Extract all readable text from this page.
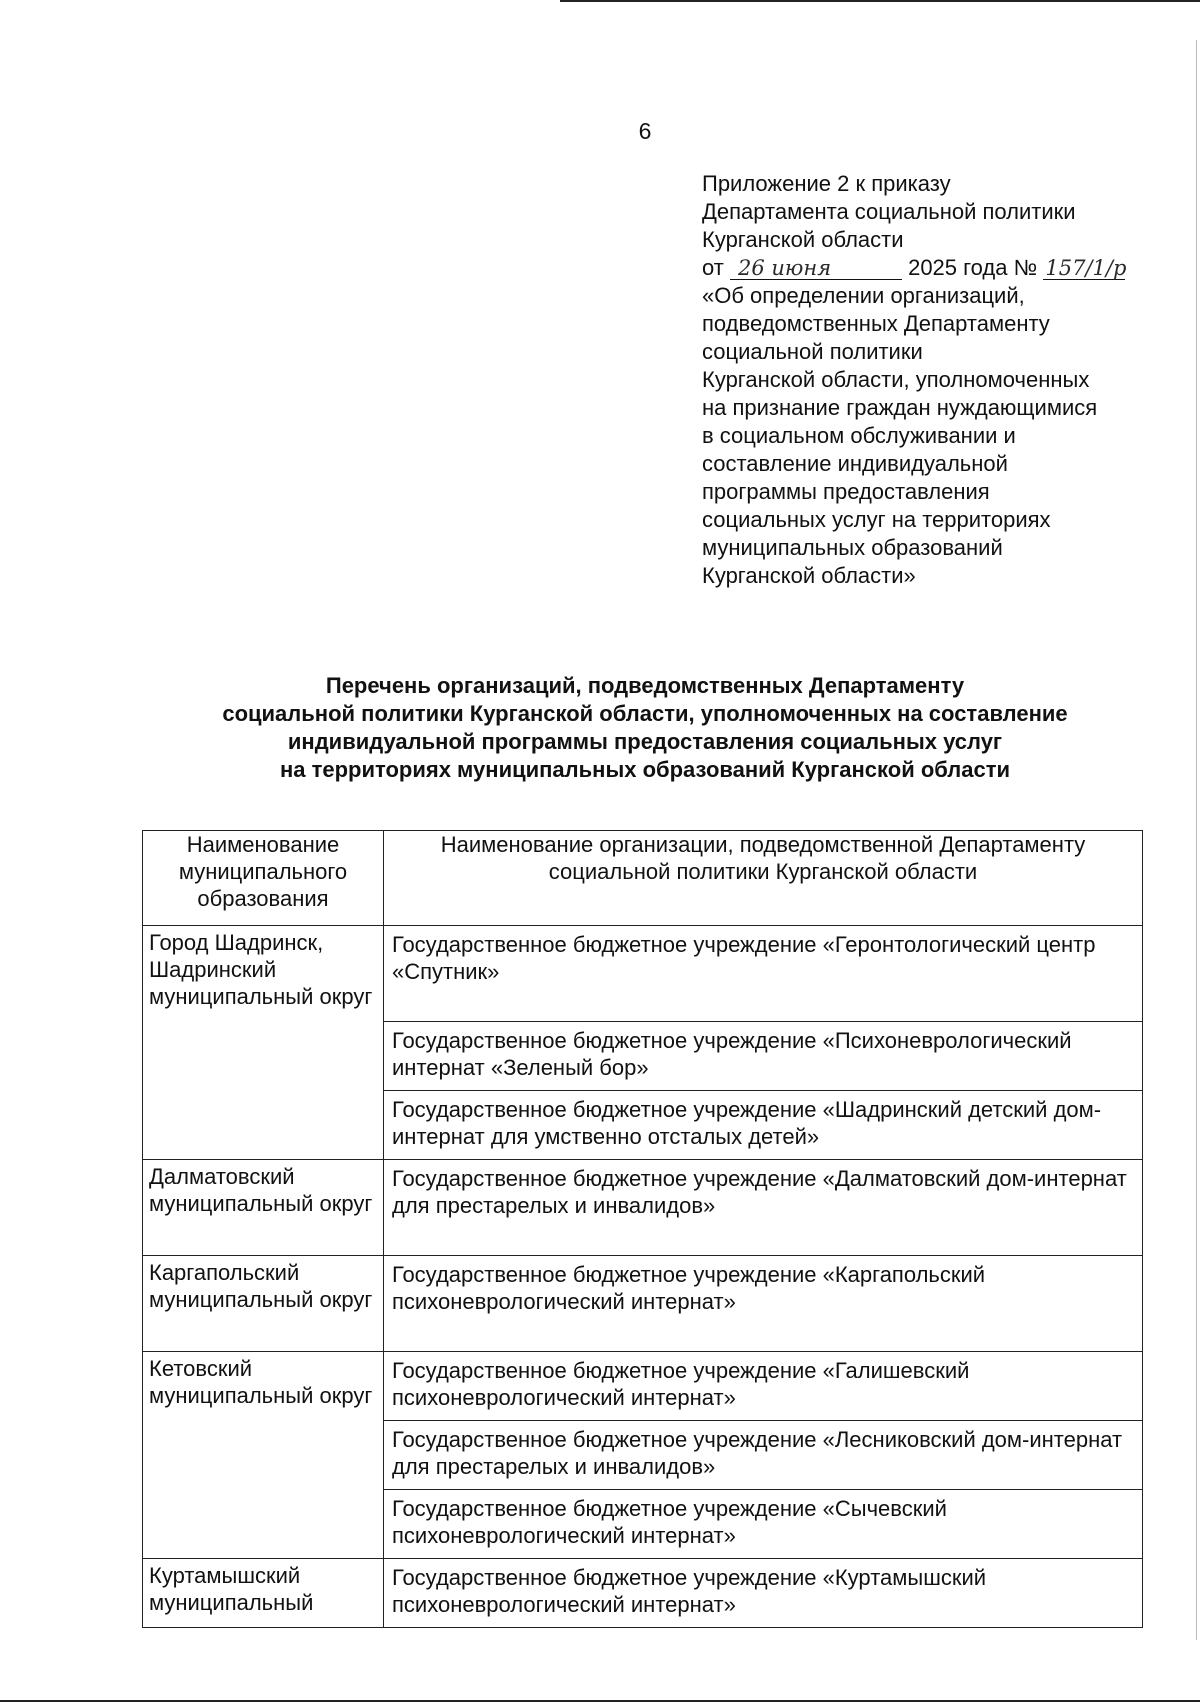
6
Приложение 2 к приказу
Департамента социальной политики
Курганской области
от 26 июня	2025 года № 157/1/р
«Об определении организаций,
подведомственных Департаменту
социальной политики
Курганской области, уполномоченных
на признание граждан нуждающимися
в социальном обслуживании и
составление индивидуальной
программы предоставления
социальных услуг на территориях
муниципальных образований
Курганской области»
Перечень организаций, подведомственных Департаменту
социальной политики Курганской области, уполномоченных на составление
индивидуальной программы предоставления социальных услуг
на территориях муниципальных образований Курганской области
Наименование муниципального образования	Наименование организации, подведомственной Департаменту социальной политики Курганской области
Город Шадринск, Шадринский муниципальный округ	Государственное бюджетное учреждение «Геронтологический центр «Спутник»
	Государственное бюджетное учреждение «Психоневрологический интернат «Зеленый бор»
	Государственное бюджетное учреждение «Шадринский детский дом-интернат для умственно отсталых детей»
Далматовский муниципальный округ	Государственное бюджетное учреждение «Далматовский дом-интернат для престарелых и инвалидов»
Каргапольский муниципальный округ	Государственное бюджетное учреждение «Каргапольский психоневрологический интернат»
Кетовский муниципальный округ	Государственное бюджетное учреждение «Галишевский психоневрологический интернат»
	Государственное бюджетное учреждение «Лесниковский дом-интернат для престарелых и инвалидов»
	Государственное бюджетное учреждение «Сычевский психоневрологический интернат»
Куртамышский муниципальный	Государственное бюджетное учреждение «Куртамышский психоневрологический интернат»
